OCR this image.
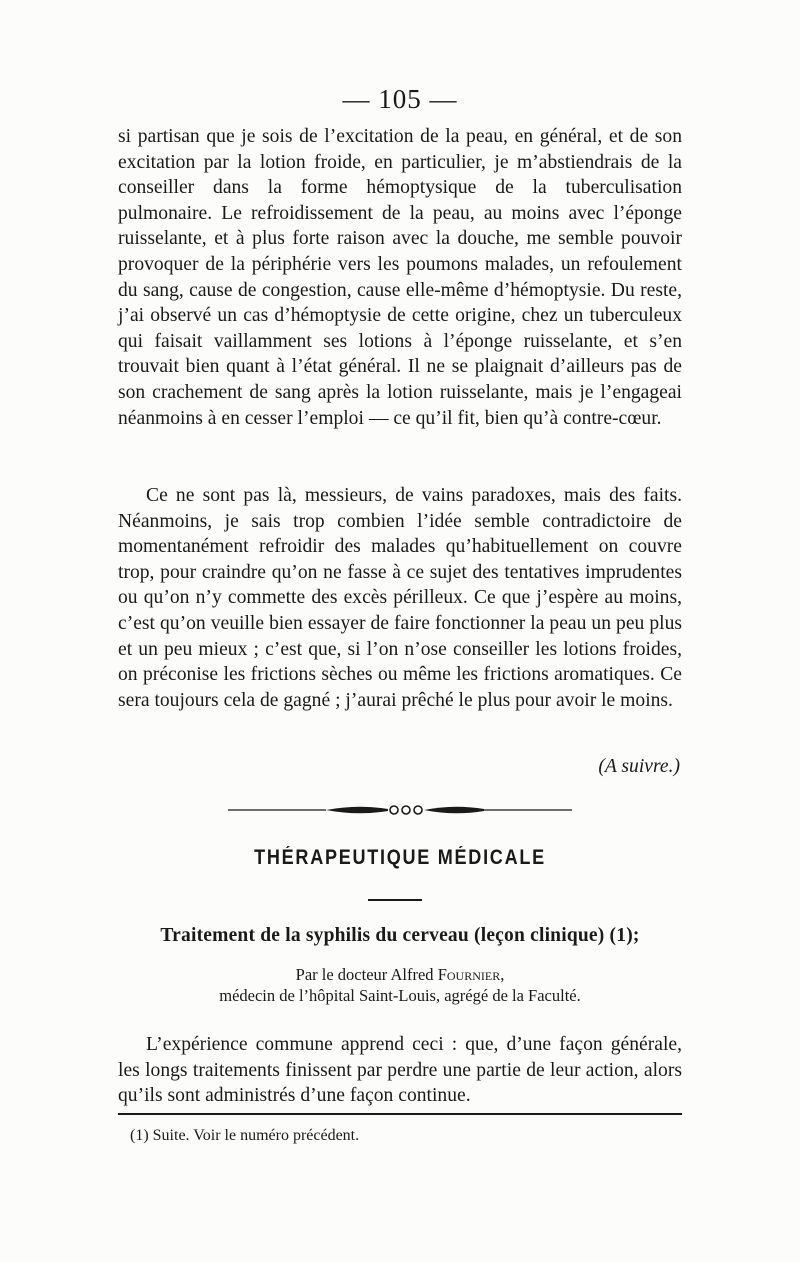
— 105 —

si partisan que je sois de l’excitation de la peau, en général, et de son excitation par la lotion froide, en particulier, je m’abstiendrais de la conseiller dans la forme hémoptysique de la tuberculisation pulmonaire. Le refroidissement de la peau, au moins avec l’éponge ruisselante, et à plus forte raison avec la douche, me semble pouvoir provoquer de la périphérie vers les poumons malades, un refoulement du sang, cause de congestion, cause elle-même d’hémoptysie. Du reste, j’ai observé un cas d’hémoptysie de cette origine, chez un tuberculeux qui faisait vaillamment ses lotions à l’éponge ruisselante, et s’en trouvait bien quant à l’état général. Il ne se plaignait d’ailleurs pas de son crachement de sang après la lotion ruisselante, mais je l’engageai néanmoins à en cesser l’emploi — ce qu’il fit, bien qu’à contre-cœur.

Ce ne sont pas là, messieurs, de vains paradoxes, mais des faits. Néanmoins, je sais trop combien l’idée semble contradictoire de momentanément refroidir des malades qu’habituellement on couvre trop, pour craindre qu’on ne fasse à ce sujet des tentatives imprudentes ou qu’on n’y commette des excès périlleux. Ce que j’espère au moins, c’est qu’on veuille bien essayer de faire fonctionner la peau un peu plus et un peu mieux ; c’est que, si l’on n’ose conseiller les lotions froides, on préconise les frictions sèches ou même les frictions aromatiques. Ce sera toujours cela de gagné ; j’aurai prêché le plus pour avoir le moins.

(A suivre.)
THÉRAPEUTIQUE MÉDICALE
Traitement de la syphilis du cerveau (leçon clinique) (1);
Par le docteur Alfred Fournier,
médecin de l’hôpital Saint-Louis, agrégé de la Faculté.

L’expérience commune apprend ceci : que, d’une façon générale, les longs traitements finissent par perdre une partie de leur action, alors qu’ils sont administrés d’une façon continue.

(1) Suite. Voir le numéro précédent.
